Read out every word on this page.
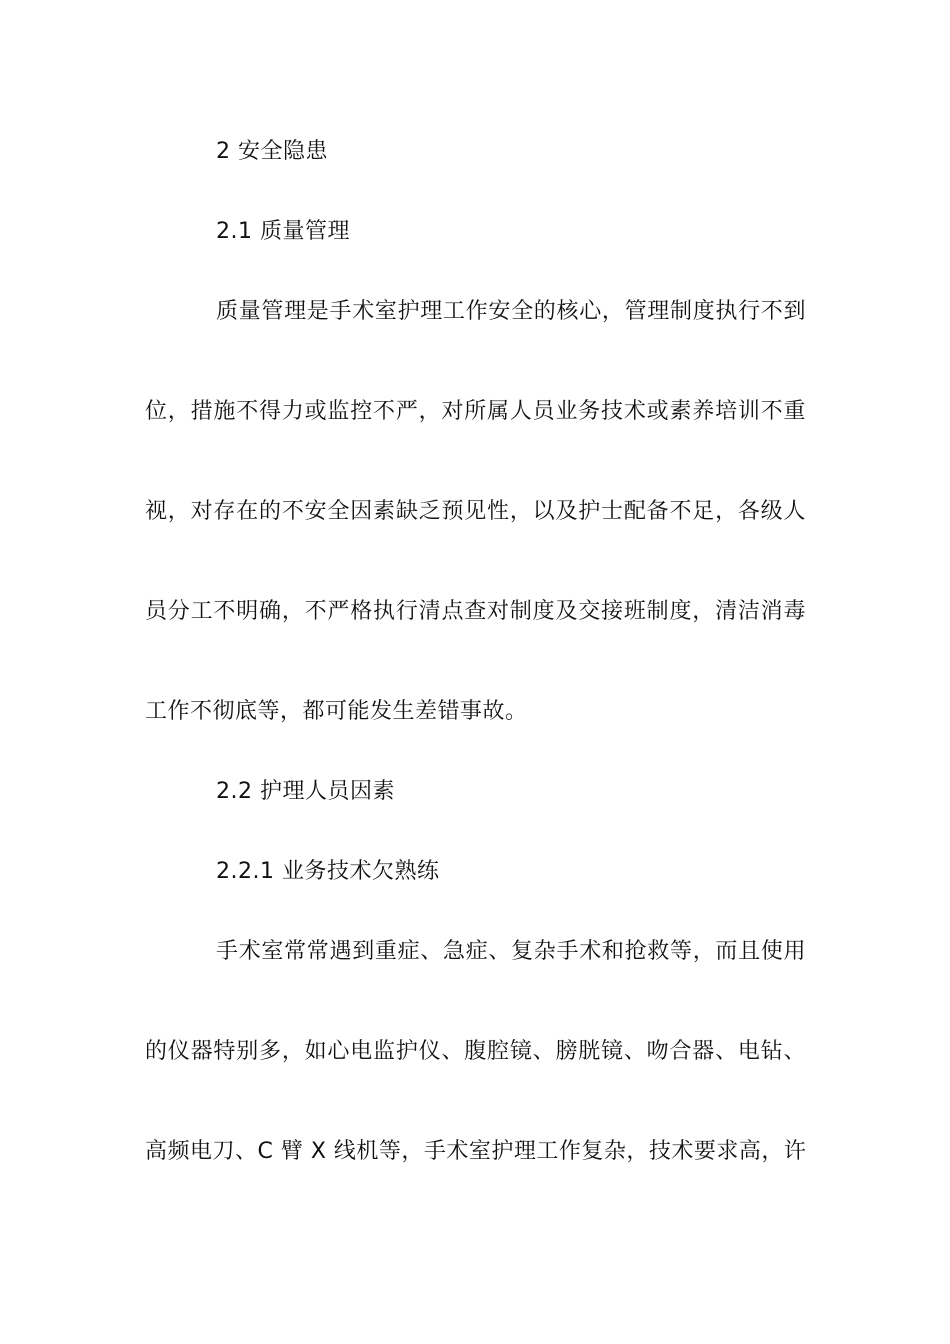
2 安全隐患
2.1 质量管理
质量管理是手术室护理工作安全的核心，管理制度执行不到
位，措施不得力或监控不严，对所属人员业务技术或素养培训不重
视，对存在的不安全因素缺乏预见性，以及护士配备不足，各级人
员分工不明确，不严格执行清点查对制度及交接班制度，清洁消毒
工作不彻底等，都可能发生差错事故。
2.2 护理人员因素
2.2.1 业务技术欠熟练
手术室常常遇到重症、急症、复杂手术和抢救等，而且使用
的仪器特别多，如心电监护仪、腹腔镜、膀胱镜、吻合器、电钻、
高频电刀、C 臂 X 线机等，手术室护理工作复杂，技术要求高，许
